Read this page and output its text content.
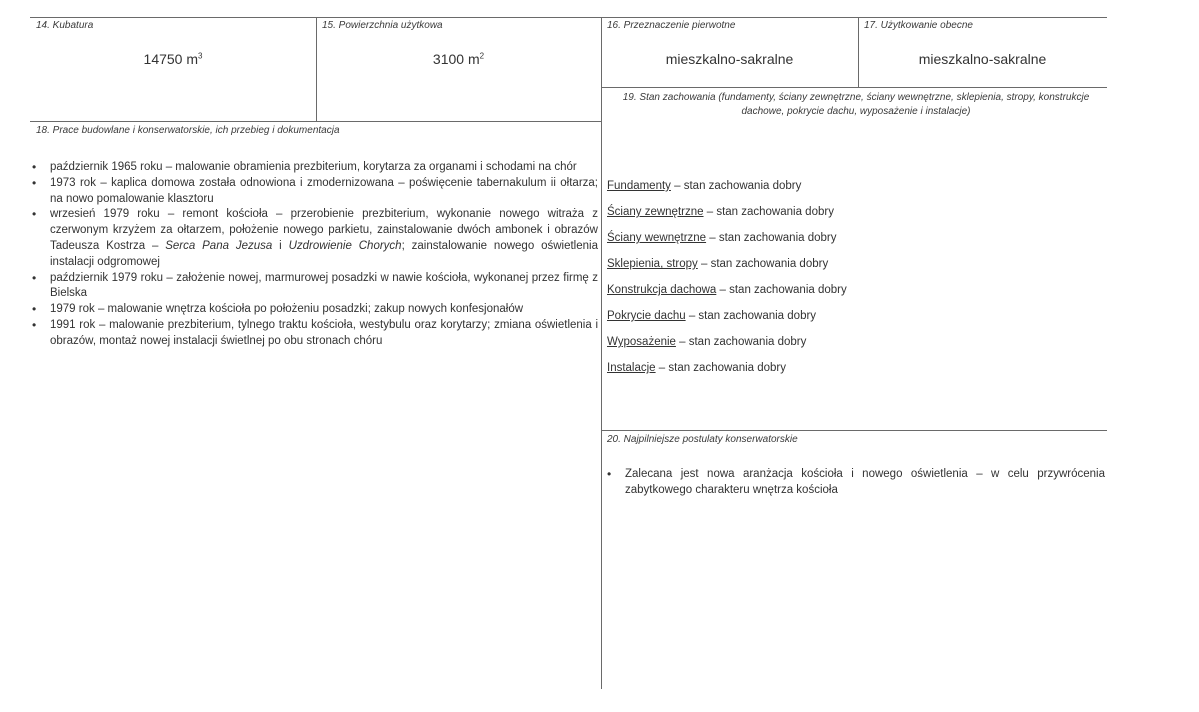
14. Kubatura
14750 $m^3$
15. Powierzchnia użytkowa
3100 $m^2$
16. Przeznaczenie pierwotne
mieszkalno-sakralne
17. Użytkowanie obecne
mieszkalno-sakralne
18. Prace budowlane i konserwatorskie, ich przebieg i dokumentacja
• październik 1965 roku – malowanie obramienia prezbiterium, korytarza za organami i schodami na chór
• 1973 rok – kaplica domowa została odnowiona i zmodernizowana – poświęcenie tabernakulum ii ołtarza; na nowo pomalowanie klasztoru
• wrzesień 1979 roku – remont kościoła – przerobienie prezbiterium, wykonanie nowego witraża z czerwonym krzyżem za ołtarzem, położenie nowego parkietu, zainstalowanie dwóch ambonek i obrazów Tadeusza Kostrza – Serca Pana Jezusa i Uzdrowienie Chorych; zainstalowanie nowego oświetlenia instalacji odgromowej
• październik 1979 roku – założenie nowej, marmurowej posadzki w nawie kościoła, wykonanej przez firmę z Bielska
• 1979 rok – malowanie wnętrza kościoła po położeniu posadzki; zakup nowych konfesjonałów
• 1991 rok – malowanie prezbiterium, tylnego traktu kościoła, westybulu oraz korytarzy; zmiana oświetlenia i obrazów, montaż nowej instalacji świetlnej po obu stronach chóru
19. Stan zachowania (fundamenty, ściany zewnętrzne, ściany wewnętrzne, sklepienia, stropy, konstrukcje dachowe, pokrycie dachu, wyposażenie i instalacje)
Fundamenty – stan zachowania dobry
Ściany zewnętrzne – stan zachowania dobry
Ściany wewnętrzne – stan zachowania dobry
Sklepienia, stropy – stan zachowania dobry
Konstrukcja dachowa – stan zachowania dobry
Pokrycie dachu – stan zachowania dobry
Wyposażenie – stan zachowania dobry
Instalacje – stan zachowania dobry
20. Najpilniejsze postulaty konserwatorskie
•	Zalecana jest nowa aranżacja kościoła i nowego oświetlenia – w celu przywrócenia zabytkowego charakteru wnętrza kościoła
